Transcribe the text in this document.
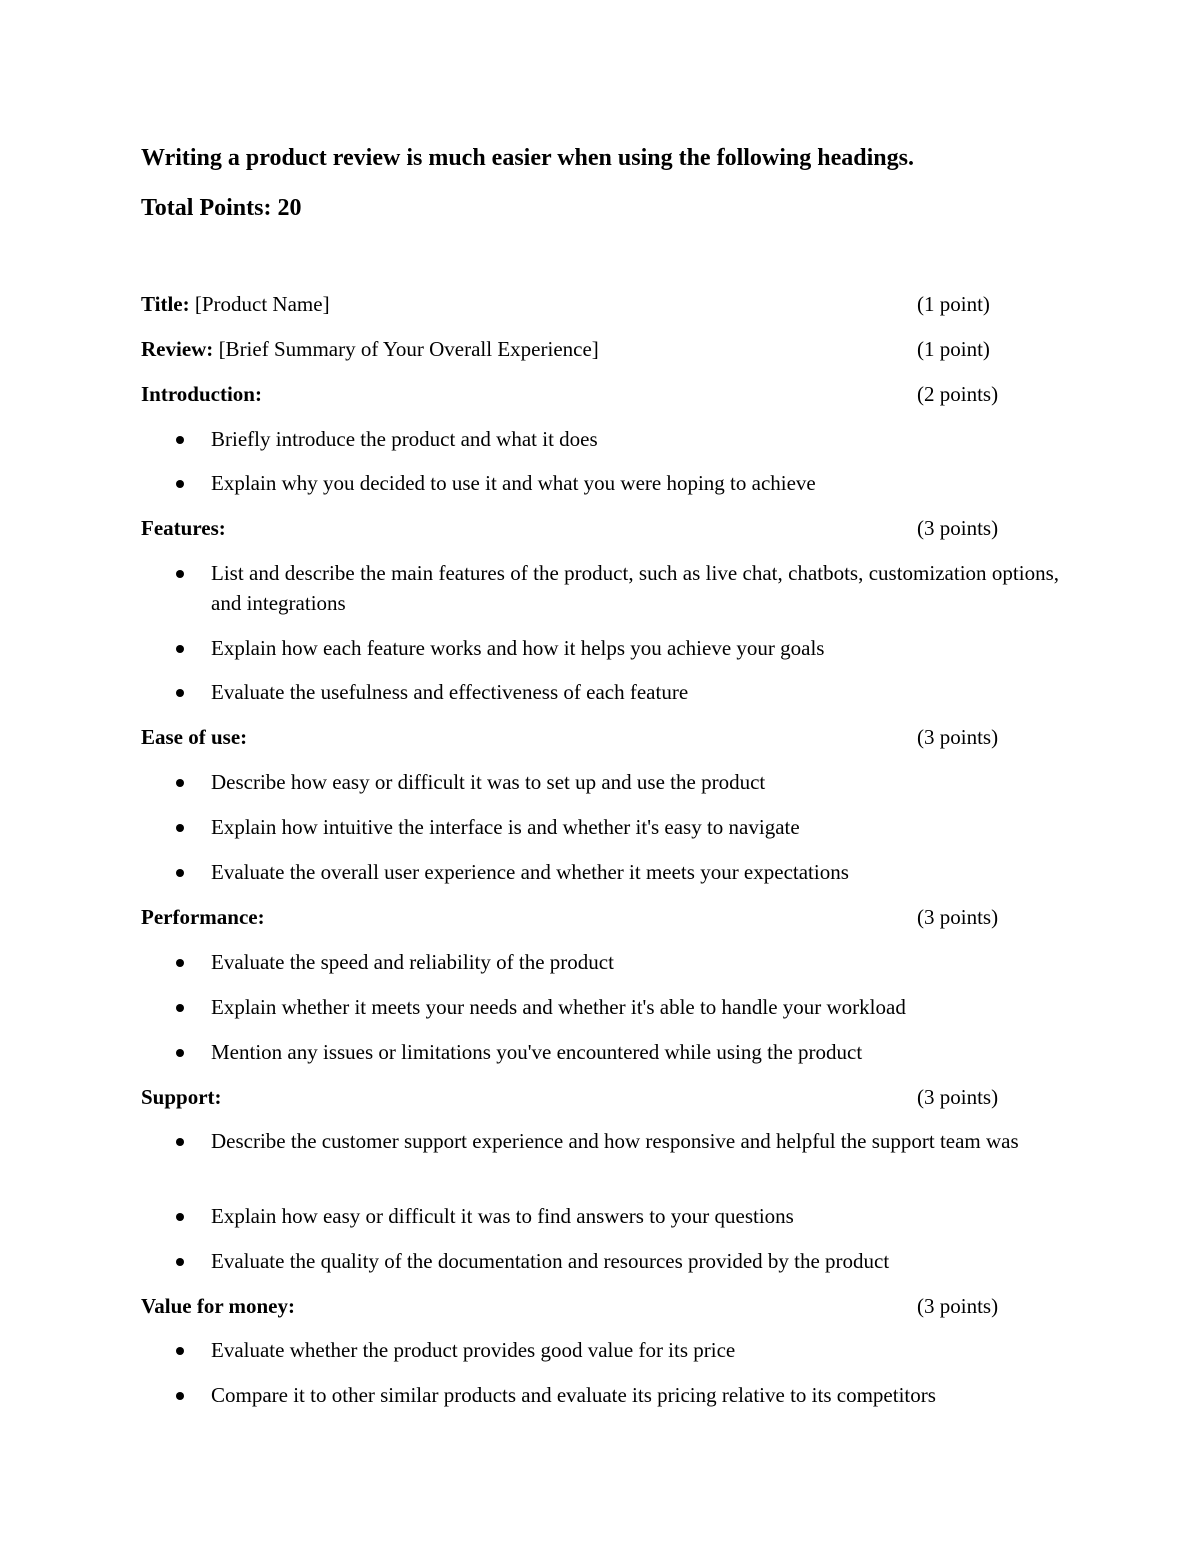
Writing a product review is much easier when using the following headings.
Total Points: 20
Title: [Product Name]	(1 point)
Review: [Brief Summary of Your Overall Experience]	(1 point)
Introduction:	(2 points)
Briefly introduce the product and what it does
Explain why you decided to use it and what you were hoping to achieve
Features:	(3 points)
List and describe the main features of the product, such as live chat, chatbots, customization options, and integrations
Explain how each feature works and how it helps you achieve your goals
Evaluate the usefulness and effectiveness of each feature
Ease of use:	(3 points)
Describe how easy or difficult it was to set up and use the product
Explain how intuitive the interface is and whether it's easy to navigate
Evaluate the overall user experience and whether it meets your expectations
Performance:	(3 points)
Evaluate the speed and reliability of the product
Explain whether it meets your needs and whether it's able to handle your workload
Mention any issues or limitations you've encountered while using the product
Support:	(3 points)
Describe the customer support experience and how responsive and helpful the support team was
Explain how easy or difficult it was to find answers to your questions
Evaluate the quality of the documentation and resources provided by the product
Value for money:	(3 points)
Evaluate whether the product provides good value for its price
Compare it to other similar products and evaluate its pricing relative to its competitors
